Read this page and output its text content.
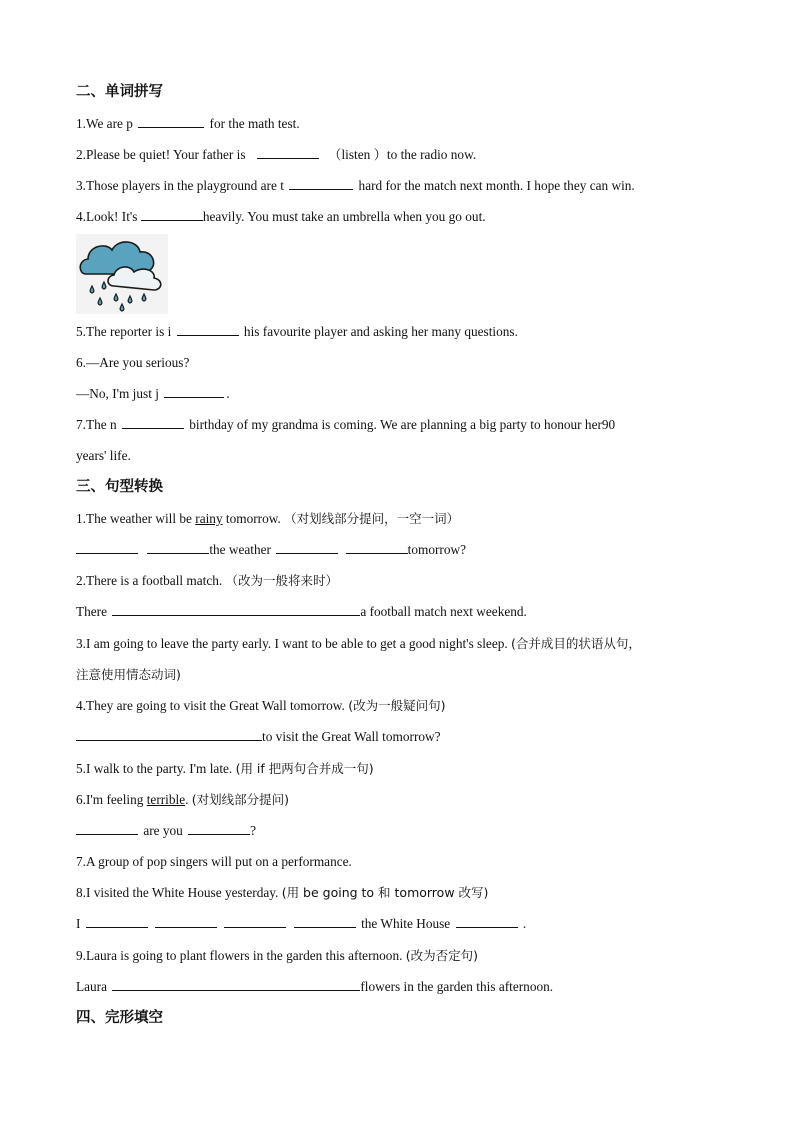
二、单词拼写
1.We are p	for the math test.
2.Please be quiet! Your father is	（listen ）to the radio now.
3.Those players in the playground are t	hard for the match next month. I hope they can win.
4.Look! It's	heavily. You must take an umbrella when you go out.
5.The reporter is i	his favourite player and asking her many questions.
6.—Are you serious?
—No, I'm just j	.
7.The n	birthday of my grandma is coming. We are planning a big party to honour her90
years' life.
三、句型转换
1.The weather will be rainy tomorrow. （对划线部分提问，一空一词）
the weather	tomorrow?
2.There is a football match. （改为一般将来时）
There	a football match next weekend.
3.I am going to leave the party early. I want to be able to get a good night's sleep. (合并成目的状语从句，
注意使用情态动词)
4.They are going to visit the Great Wall tomorrow. (改为一般疑问句)
to visit the Great Wall tomorrow?
5.I walk to the party. I'm late. (用 if 把两句合并成一句)
6.I'm feeling terrible. (对划线部分提问)
are you	?
7.A group of pop singers will put on a performance.
8.I visited the White House yesterday. (用 be going to 和 tomorrow 改写)
I	the White House	.
9.Laura is going to plant flowers in the garden this afternoon. (改为否定句)
Laura	flowers in the garden this afternoon.
四、完形填空
